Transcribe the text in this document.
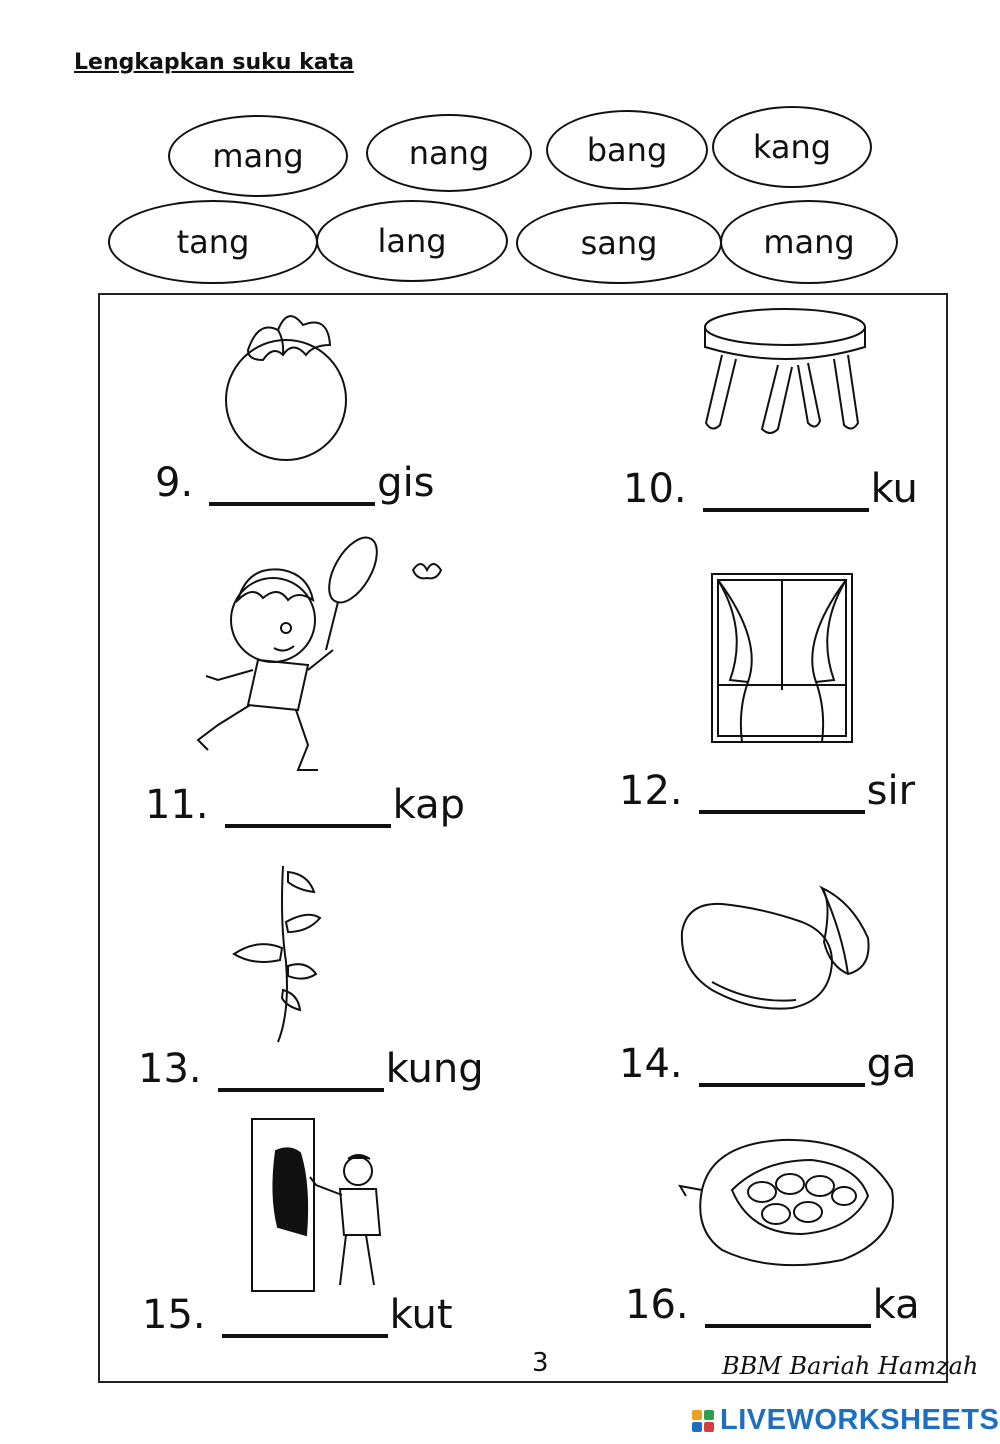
Lengkapkan suku kata
mang	nang	bang	kang
tang	lang	sang	mang
9.	gis	10.	ku
11.	kap	12.	sir
13.	kung	14.	ga
15.	kut	16.	ka
3	BBM Bariah Hamzah
LIVEWORKSHEETS
